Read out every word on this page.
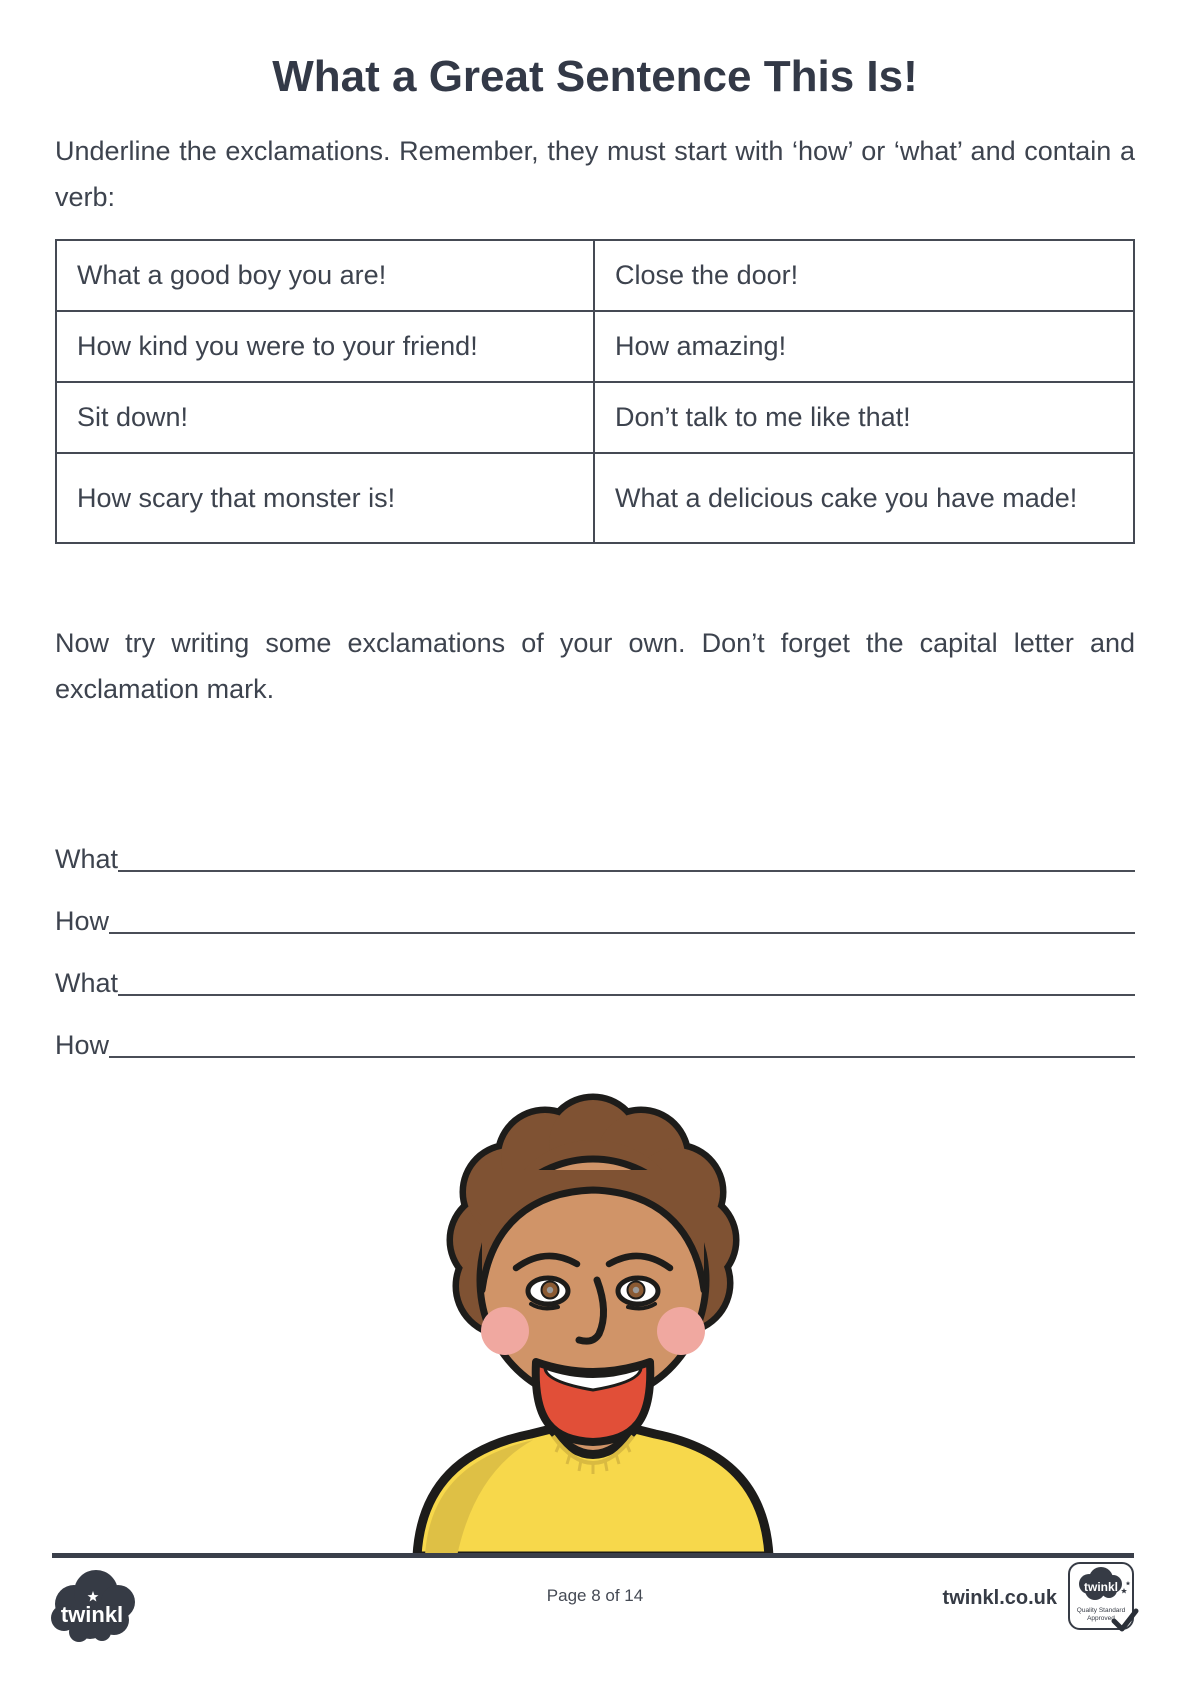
What a Great Sentence This Is!
Underline the exclamations. Remember, they must start with ‘how’ or ‘what’ and contain a verb:
What a good boy you are!	Close the door!
How kind you were to your friend!	How amazing!
Sit down!	Don’t talk to me like that!
How scary that monster is!	What a delicious cake you have made!
Now try writing some exclamations of your own. Don’t forget the capital letter and exclamation mark.
What
How
What
How
twinkl
Page 8 of 14	twinkl.co.uk twinkl
Quality Standard
Approved
